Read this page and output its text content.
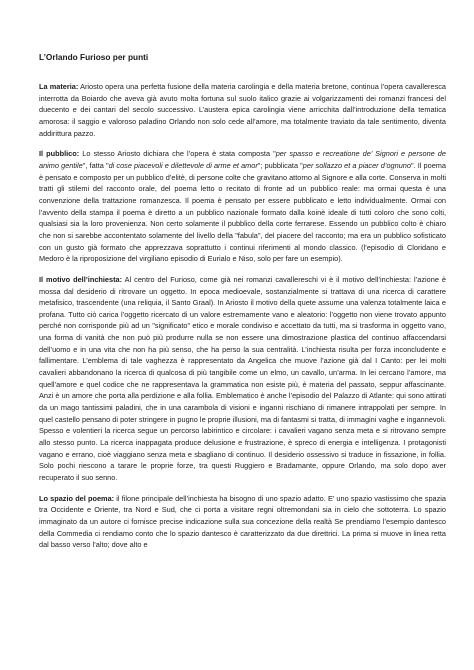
L’Orlando Furioso per punti

La materia: Ariosto opera una perfetta fusione della materia carolingia e della materia bretone, continua l’opera cavalleresca interrotta da Boiardo che aveva già avuto molta fortuna sul suolo italico grazie ai volgarizzamenti dei romanzi francesi del duecento e dei cantari del secolo successivo. L’austera epica carolingia viene arricchita dall’introduzione della tematica amorosa: il saggio e valoroso paladino Orlando non solo cede all’amore, ma totalmente traviato da tale sentimento, diventa addirittura pazzo.

Il pubblico: Lo stesso Ariosto dichiara che l’opera è stata composta "per spasso e recreatione de’ Signori e persone de animo gentile", fatta "di cose piacevoli e dilettevole di arme et amor"; pubblicata "per sollazzo et a piacer d’ognuno". Il poema è pensato e composto per un pubblico d’elitè, di persone colte che gravitano attorno al Signore e alla corte. Conserva in molti tratti gli stilemi del racconto orale, del poema letto o recitato di fronte ad un pubblico reale: ma ormai questa è una convenzione della trattazione romanzesca. Il poema è pensato per essere pubblicato e letto individualmente. Ormai con l’avvento della stampa il poema è diretto a un pubblico nazionale formato dalla koinè ideale di tutti coloro che sono colti, qualsiasi sia la loro provenienza. Non certo solamente il pubblico della corte ferrarese. Essendo un pubblico colto è chiaro che non si sarebbe accontentato solamente del livello della "fabula", del piacere del racconto; ma era un pubblico sofisticato con un gusto già formato che apprezzava soprattutto i continui riferimenti al mondo classico. (l’episodio di Cloridano e Medoro è la riproposizione del virgiliano episodio di Eurialo e Niso, solo per fare un esempio).

Il motivo dell’inchiesta: Al centro del Furioso, come già nei romanzi cavallereschi vi è il motivo dell’inchiesta: l’azione è mossa dal desiderio di ritrovare un oggetto. In epoca medioevale, sostanzialmente si trattava di una ricerca di carattere metafisico, trascendente (una reliquia, il Santo Graal). In Ariosto il motivo della quete assume una valenza totalmente laica e profana. Tutto ciò carica l’oggetto ricercato di un valore estremamente vano e aleatorio: l’oggetto non viene trovato appunto perché non corrisponde più ad un "significato" etico e morale condiviso e accettato da tutti, ma si trasforma in oggetto vano, una forma di vanità che non può più produrre nulla se non essere una dimostrazione plastica del continuo affaccendarsi dell’uomo e in una vita che non ha più senso, che ha perso la sua centralità. L’inchiesta risulta per forza inconcludente e fallimentare. L’emblema di tale vaghezza è rappresentato da Angelica che muove l’azione già dal I Canto: per lei molti cavalieri abbandonano la ricerca di qualcosa di più tangibile come un elmo, un cavallo, un’arma. In lei cercano l’amore, ma quell’amore e quel codice che ne rappresentava la grammatica non esiste più, è materia del passato, seppur affascinante. Anzi è un amore che porta alla perdizione e alla follia. Emblematico è anche l’episodio del Palazzo di Atlante: qui sono attirati da un mago tantissimi paladini, che in una carambola di visioni e inganni rischiano di rimanere intrappolati per sempre. In quel castello pensano di poter stringere in pugno le proprie illusioni, ma di fantasmi si tratta, di immagini vaghe e ingannevoli. Spesso e volentieri la ricerca segue un percorso labirintico e circolare: i cavalieri vagano senza meta e si ritrovano sempre allo stesso punto. La ricerca inappagata produce delusione e frustrazione, è spreco di energia e intelligenza. I protagonisti vagano e errano, cioè viaggiano senza meta e sbagliano di continuo. Il desiderio ossessivo si traduce in fissazione, in follia. Solo pochi riescono a tarare le proprie forze, tra questi Ruggiero e Bradamante, oppure Orlando, ma solo dopo aver recuperato il suo senno.

Lo spazio del poema: il filone principale dell’inchiesta ha bisogno di uno spazio adatto. E’ uno spazio vastissimo che spazia tra Occidente e Oriente, tra Nord e Sud, che ci porta a visitare regni oltremondani sia in cielo che sottoterra. Lo spazio immaginato da un autore ci fornisce precise indicazione sulla sua concezione della realtà Se prendiamo l’esempio dantesco della Commedia ci rendiamo conto che lo spazio dantesco è caratterizzato da due direttrici. La prima si muove in linea retta dal basso verso l’alto; dove alto e
